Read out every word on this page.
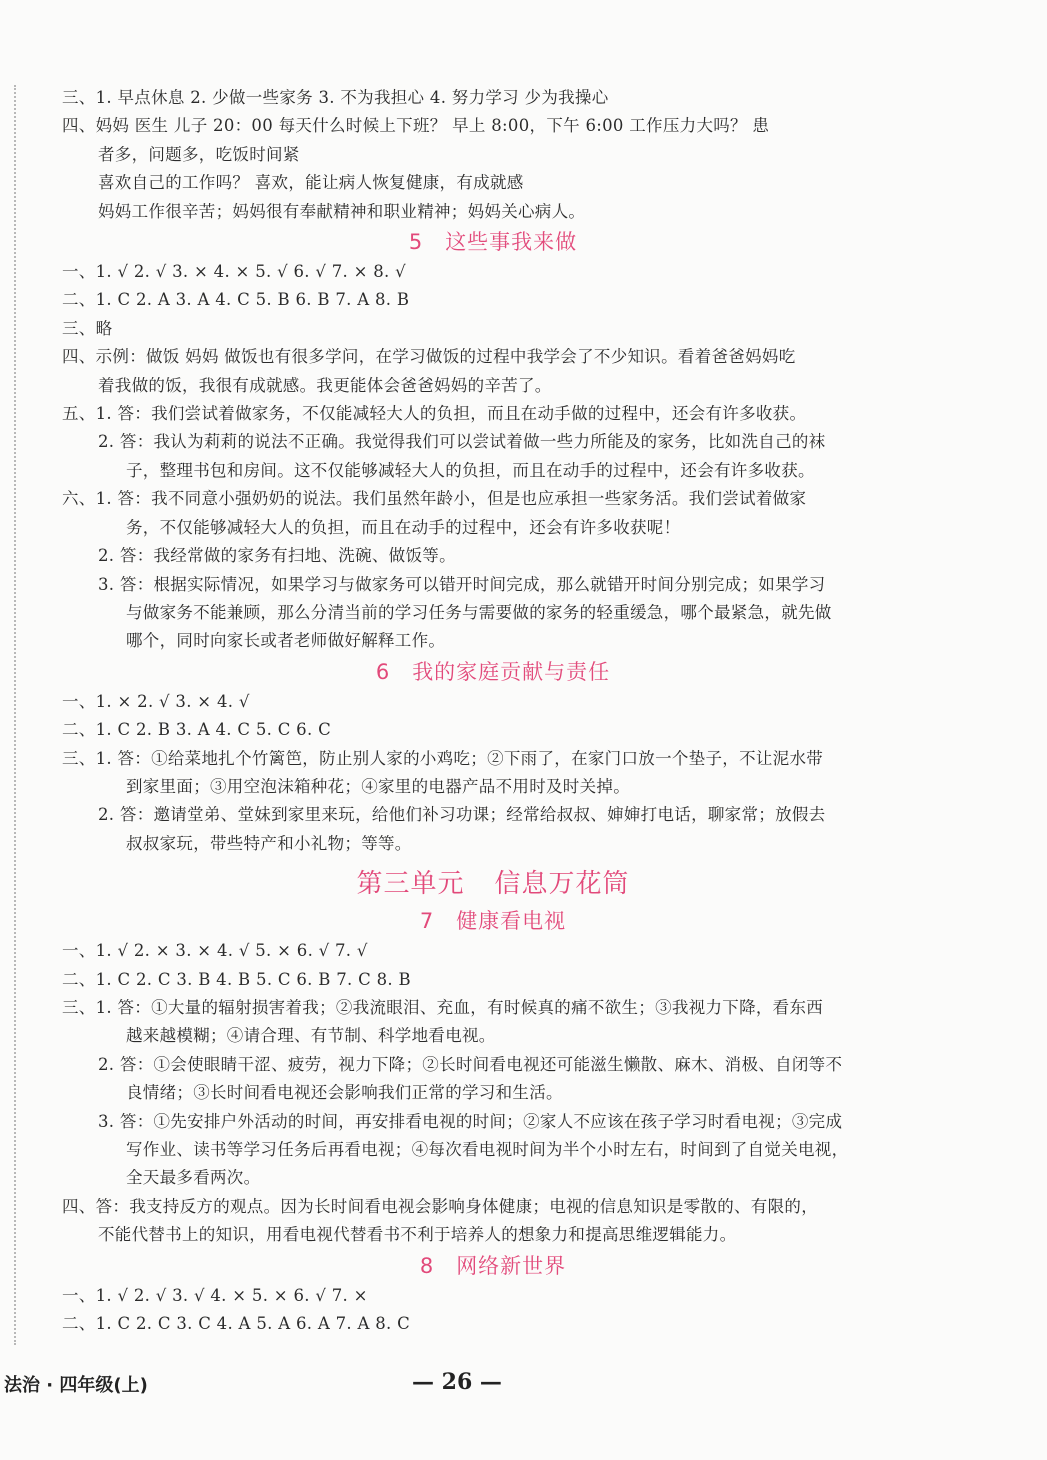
三、1. 早点休息 2. 少做一些家务 3. 不为我担心 4. 努力学习 少为我操心
四、妈妈 医生 儿子 20：00 每天什么时候上下班？ 早上 8:00，下午 6:00 工作压力大吗？ 患
者多，问题多，吃饭时间紧
喜欢自己的工作吗？ 喜欢，能让病人恢复健康，有成就感
妈妈工作很辛苦；妈妈很有奉献精神和职业精神；妈妈关心病人。
5 这些事我来做
一、1. √ 2. √ 3. × 4. × 5. √ 6. √ 7. × 8. √
二、1. C 2. A 3. A 4. C 5. B 6. B 7. A 8. B
三、略
四、示例：做饭 妈妈 做饭也有很多学问，在学习做饭的过程中我学会了不少知识。看着爸爸妈妈吃
着我做的饭，我很有成就感。我更能体会爸爸妈妈的辛苦了。
五、1. 答：我们尝试着做家务，不仅能减轻大人的负担，而且在动手做的过程中，还会有许多收获。
2. 答：我认为莉莉的说法不正确。我觉得我们可以尝试着做一些力所能及的家务，比如洗自己的袜
子，整理书包和房间。这不仅能够减轻大人的负担，而且在动手的过程中，还会有许多收获。
六、1. 答：我不同意小强奶奶的说法。我们虽然年龄小，但是也应承担一些家务活。我们尝试着做家
务，不仅能够减轻大人的负担，而且在动手的过程中，还会有许多收获呢！
2. 答：我经常做的家务有扫地、洗碗、做饭等。
3. 答：根据实际情况，如果学习与做家务可以错开时间完成，那么就错开时间分别完成；如果学习
与做家务不能兼顾，那么分清当前的学习任务与需要做的家务的轻重缓急，哪个最紧急，就先做
哪个，同时向家长或者老师做好解释工作。
6 我的家庭贡献与责任
一、1. × 2. √ 3. × 4. √
二、1. C 2. B 3. A 4. C 5. C 6. C
三、1. 答：①给菜地扎个竹篱笆，防止别人家的小鸡吃；②下雨了，在家门口放一个垫子，不让泥水带
到家里面；③用空泡沫箱种花；④家里的电器产品不用时及时关掉。
2. 答：邀请堂弟、堂妹到家里来玩，给他们补习功课；经常给叔叔、婶婶打电话，聊家常；放假去
叔叔家玩，带些特产和小礼物；等等。
第三单元 信息万花筒
7 健康看电视
一、1. √ 2. × 3. × 4. √ 5. × 6. √ 7. √
二、1. C 2. C 3. B 4. B 5. C 6. B 7. C 8. B
三、1. 答：①大量的辐射损害着我；②我流眼泪、充血，有时候真的痛不欲生；③我视力下降，看东西
越来越模糊；④请合理、有节制、科学地看电视。
2. 答：①会使眼睛干涩、疲劳，视力下降；②长时间看电视还可能滋生懒散、麻木、消极、自闭等不
良情绪；③长时间看电视还会影响我们正常的学习和生活。
3. 答：①先安排户外活动的时间，再安排看电视的时间；②家人不应该在孩子学习时看电视；③完成
写作业、读书等学习任务后再看电视；④每次看电视时间为半个小时左右，时间到了自觉关电视，
全天最多看两次。
四、答：我支持反方的观点。因为长时间看电视会影响身体健康；电视的信息知识是零散的、有限的，
不能代替书上的知识，用看电视代替看书不利于培养人的想象力和提高思维逻辑能力。
8 网络新世界
一、1. √ 2. √ 3. √ 4. × 5. × 6. √ 7. ×
二、1. C 2. C 3. C 4. A 5. A 6. A 7. A 8. C
法治 · 四年级(上)	— 26 —
